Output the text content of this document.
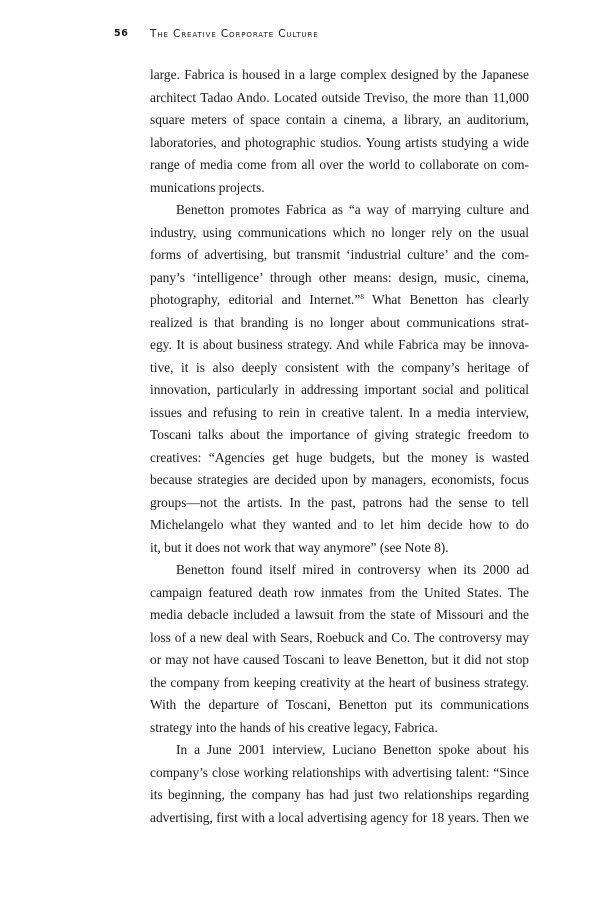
56 The Creative Corporate Culture
large. Fabrica is housed in a large complex designed by the Japanese
architect Tadao Ando. Located outside Treviso, the more than 11,000
square meters of space contain a cinema, a library, an auditorium,
laboratories, and photographic studios. Young artists studying a wide
range of media come from all over the world to collaborate on com-
munications projects.
Benetton promotes Fabrica as “a way of marrying culture and
industry, using communications which no longer rely on the usual
forms of advertising, but transmit ‘industrial culture’ and the com-
pany’s ‘intelligence’ through other means: design, music, cinema,
photography, editorial and Internet.”$^8$ What Benetton has clearly
realized is that branding is no longer about communications strat-
egy. It is about business strategy. And while Fabrica may be innova-
tive, it is also deeply consistent with the company’s heritage of
innovation, particularly in addressing important social and political
issues and refusing to rein in creative talent. In a media interview,
Toscani talks about the importance of giving strategic freedom to
creatives: “Agencies get huge budgets, but the money is wasted
because strategies are decided upon by managers, economists, focus
groups—not the artists. In the past, patrons had the sense to tell
Michelangelo what they wanted and to let him decide how to do
it, but it does not work that way anymore” (see Note 8).
Benetton found itself mired in controversy when its 2000 ad
campaign featured death row inmates from the United States. The
media debacle included a lawsuit from the state of Missouri and the
loss of a new deal with Sears, Roebuck and Co. The controversy may
or may not have caused Toscani to leave Benetton, but it did not stop
the company from keeping creativity at the heart of business strategy.
With the departure of Toscani, Benetton put its communications
strategy into the hands of his creative legacy, Fabrica.
In a June 2001 interview, Luciano Benetton spoke about his
company’s close working relationships with advertising talent: “Since
its beginning, the company has had just two relationships regarding
advertising, first with a local advertising agency for 18 years. Then we
